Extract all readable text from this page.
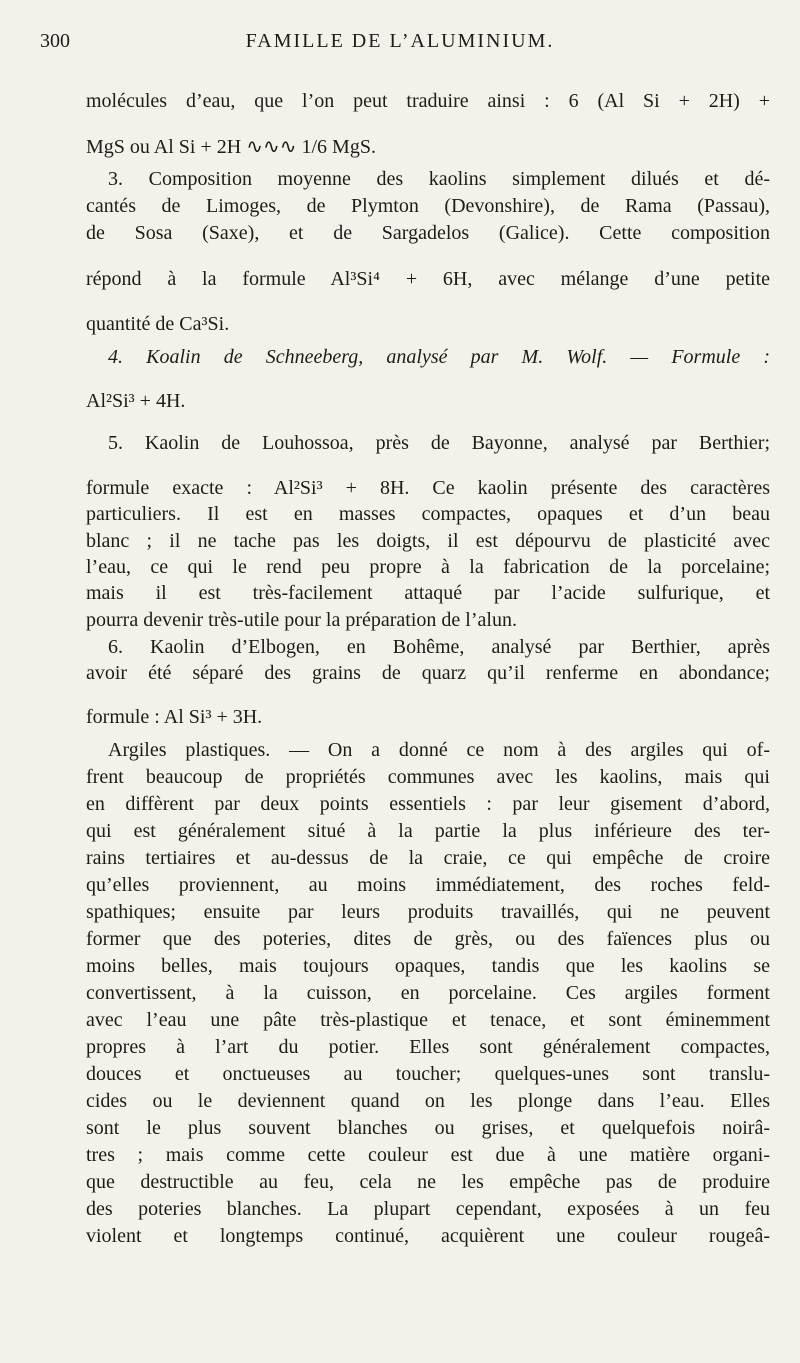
300	FAMILLE DE L’ALUMINIUM.
molécules d’eau, que l’on peut traduire ainsi : 6 (Al Si + 2H) +
MgS ou Al Si + 2H ∿∿∿ 1/6 MgS.
3. Composition moyenne des kaolins simplement dilués et dé-
cantés de Limoges, de Plymton (Devonshire), de Rama (Passau),
de Sosa (Saxe), et de Sargadelos (Galice). Cette composition
répond à la formule Al³Si⁴ + 6H, avec mélange d’une petite
quantité de Ca³Si.
4. Koalin de Schneeberg, analysé par M. Wolf. — Formule :
Al²Si³ + 4H.
5. Kaolin de Louhossoa, près de Bayonne, analysé par Berthier;
formule exacte : Al²Si³ + 8H. Ce kaolin présente des caractères
particuliers. Il est en masses compactes, opaques et d’un beau
blanc ; il ne tache pas les doigts, il est dépourvu de plasticité avec
l’eau, ce qui le rend peu propre à la fabrication de la porcelaine;
mais il est très-facilement attaqué par l’acide sulfurique, et
pourra devenir très-utile pour la préparation de l’alun.
6. Kaolin d’Elbogen, en Bohême, analysé par Berthier, après
avoir été séparé des grains de quarz qu’il renferme en abondance;
formule : Al Si³ + 3H.
Argiles plastiques. — On a donné ce nom à des argiles qui of-
frent beaucoup de propriétés communes avec les kaolins, mais qui
en diffèrent par deux points essentiels : par leur gisement d’abord,
qui est généralement situé à la partie la plus inférieure des ter-
rains tertiaires et au-dessus de la craie, ce qui empêche de croire
qu’elles proviennent, au moins immédiatement, des roches feld-
spathiques; ensuite par leurs produits travaillés, qui ne peuvent
former que des poteries, dites de grès, ou des faïences plus ou
moins belles, mais toujours opaques, tandis que les kaolins se
convertissent, à la cuisson, en porcelaine. Ces argiles forment
avec l’eau une pâte très-plastique et tenace, et sont éminemment
propres à l’art du potier. Elles sont généralement compactes,
douces et onctueuses au toucher; quelques-unes sont translu-
cides ou le deviennent quand on les plonge dans l’eau. Elles
sont le plus souvent blanches ou grises, et quelquefois noirâ-
tres ; mais comme cette couleur est due à une matière organi-
que destructible au feu, cela ne les empêche pas de produire
des poteries blanches. La plupart cependant, exposées à un feu
violent et longtemps continué, acquièrent une couleur rougeâ-
